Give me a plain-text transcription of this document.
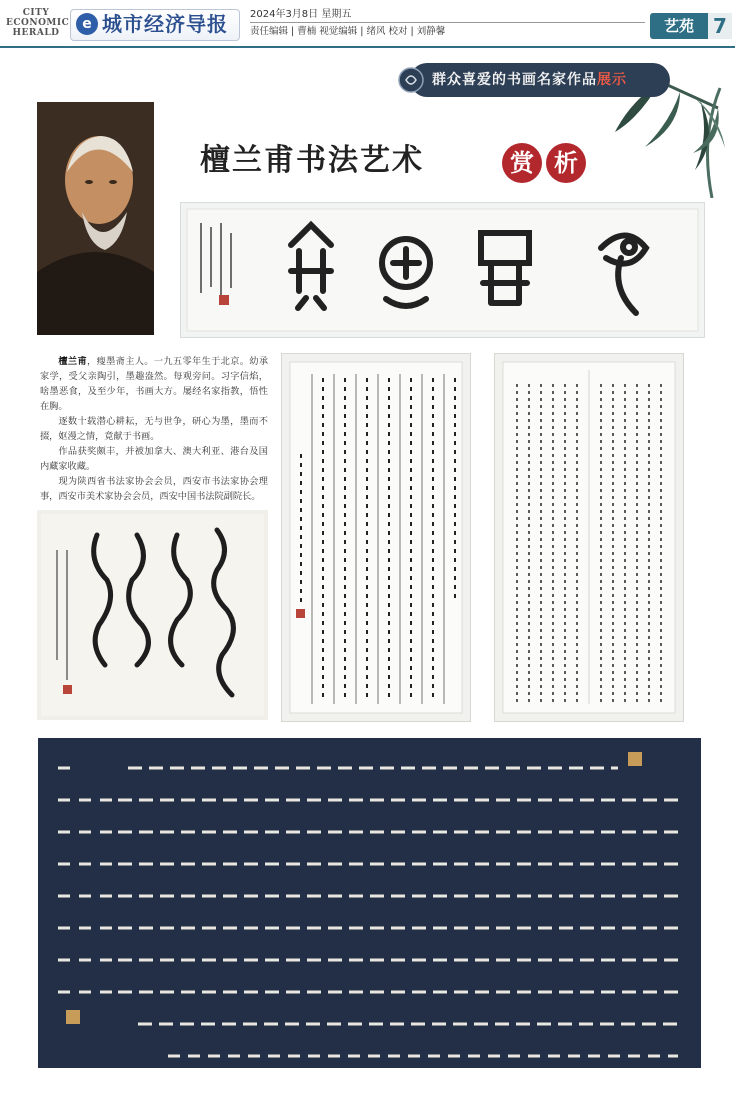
CITY ECONOMIC HERALD
e 城市经济导报 2024年3月8日 星期五
责任编辑 | 曹楠 视觉编辑 | 绪风 校对 | 刘静馨	艺苑 7
群众喜爱的书画名家作品展示
檀兰甫书法艺术	赏 析

檀兰甫，瘦墨斋主人。一九五零年生于北京。幼承家学，受父亲陶引，墨趣盎然。每观旁问。习字信焰，啥墨恶食，及至少年，书画大方。屡经名家指教，悟性在胸。

逐数十载潜心耕耘，无与世争，研心为墨，墨而不掇，妪漫之情，竟献于书画。

作品获奖颇丰，并被加拿大、澳大利亚、港台及国内藏家收藏。

现为陕西省书法家协会会员，西安市书法家协会理事，西安市美术家协会会员，西安中国书法院副院长。
